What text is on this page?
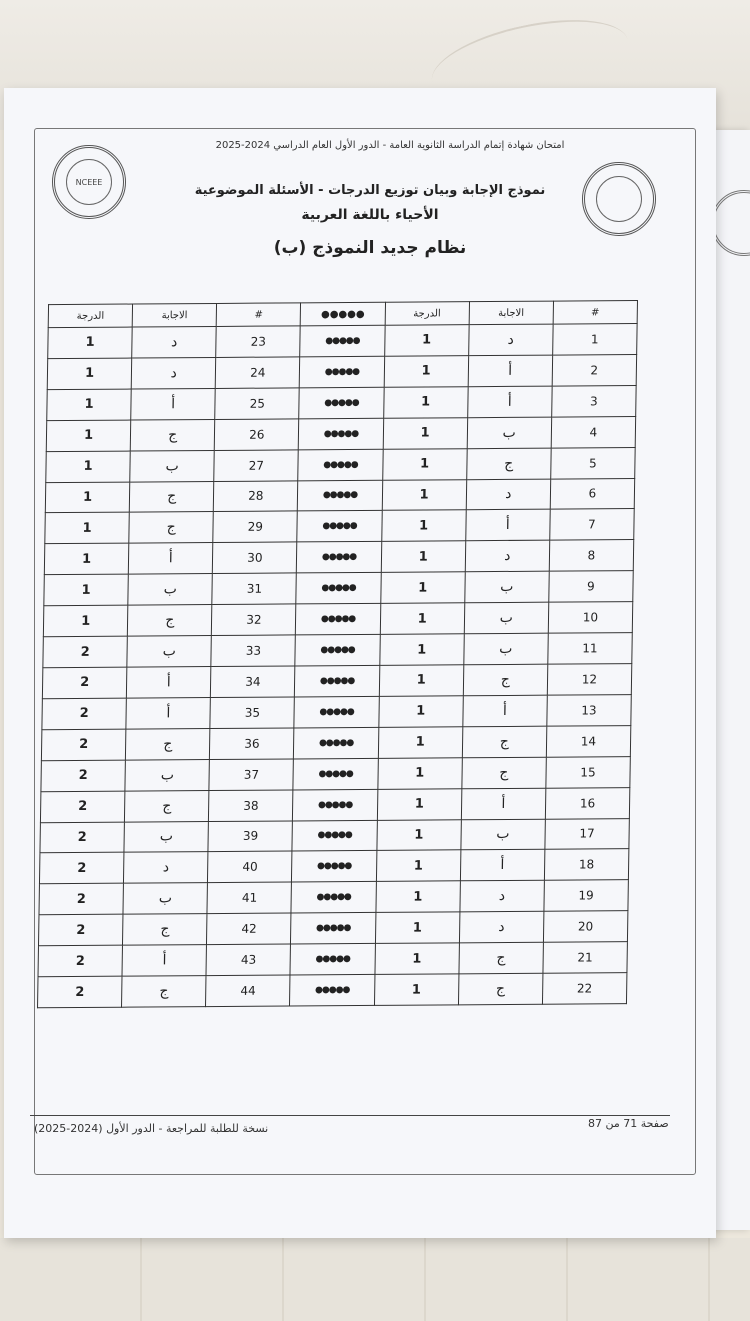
امتحان شهادة إتمام الدراسة الثانوية العامة - الدور الأول العام الدراسي 2024-2025
NCEEE
نموذج الإجابة وبيان توزيع الدرجات - الأسئلة الموضوعية
الأحياء باللغة العربية
نظام جديد النموذج (ب)
الدرجة	الاجابة	#	●●●●●	الدرجة	الاجابة	#
1	د	23	●●●●●	1	د	1
1	د	24	●●●●●	1	أ	2
1	أ	25	●●●●●	1	أ	3
1	ج	26	●●●●●	1	ب	4
1	ب	27	●●●●●	1	ج	5
1	ج	28	●●●●●	1	د	6
1	ج	29	●●●●●	1	أ	7
1	أ	30	●●●●●	1	د	8
1	ب	31	●●●●●	1	ب	9
1	ج	32	●●●●●	1	ب	10
2	ب	33	●●●●●	1	ب	11
2	أ	34	●●●●●	1	ج	12
2	أ	35	●●●●●	1	أ	13
2	ج	36	●●●●●	1	ج	14
2	ب	37	●●●●●	1	ج	15
2	ج	38	●●●●●	1	أ	16
2	ب	39	●●●●●	1	ب	17
2	د	40	●●●●●	1	أ	18
2	ب	41	●●●●●	1	د	19
2	ج	42	●●●●●	1	د	20
2	أ	43	●●●●●	1	ج	21
2	ج	44	●●●●●	1	ج	22
نسخة للطلبة للمراجعة - الدور الأول (2024-2025)	صفحة 71 من 87
